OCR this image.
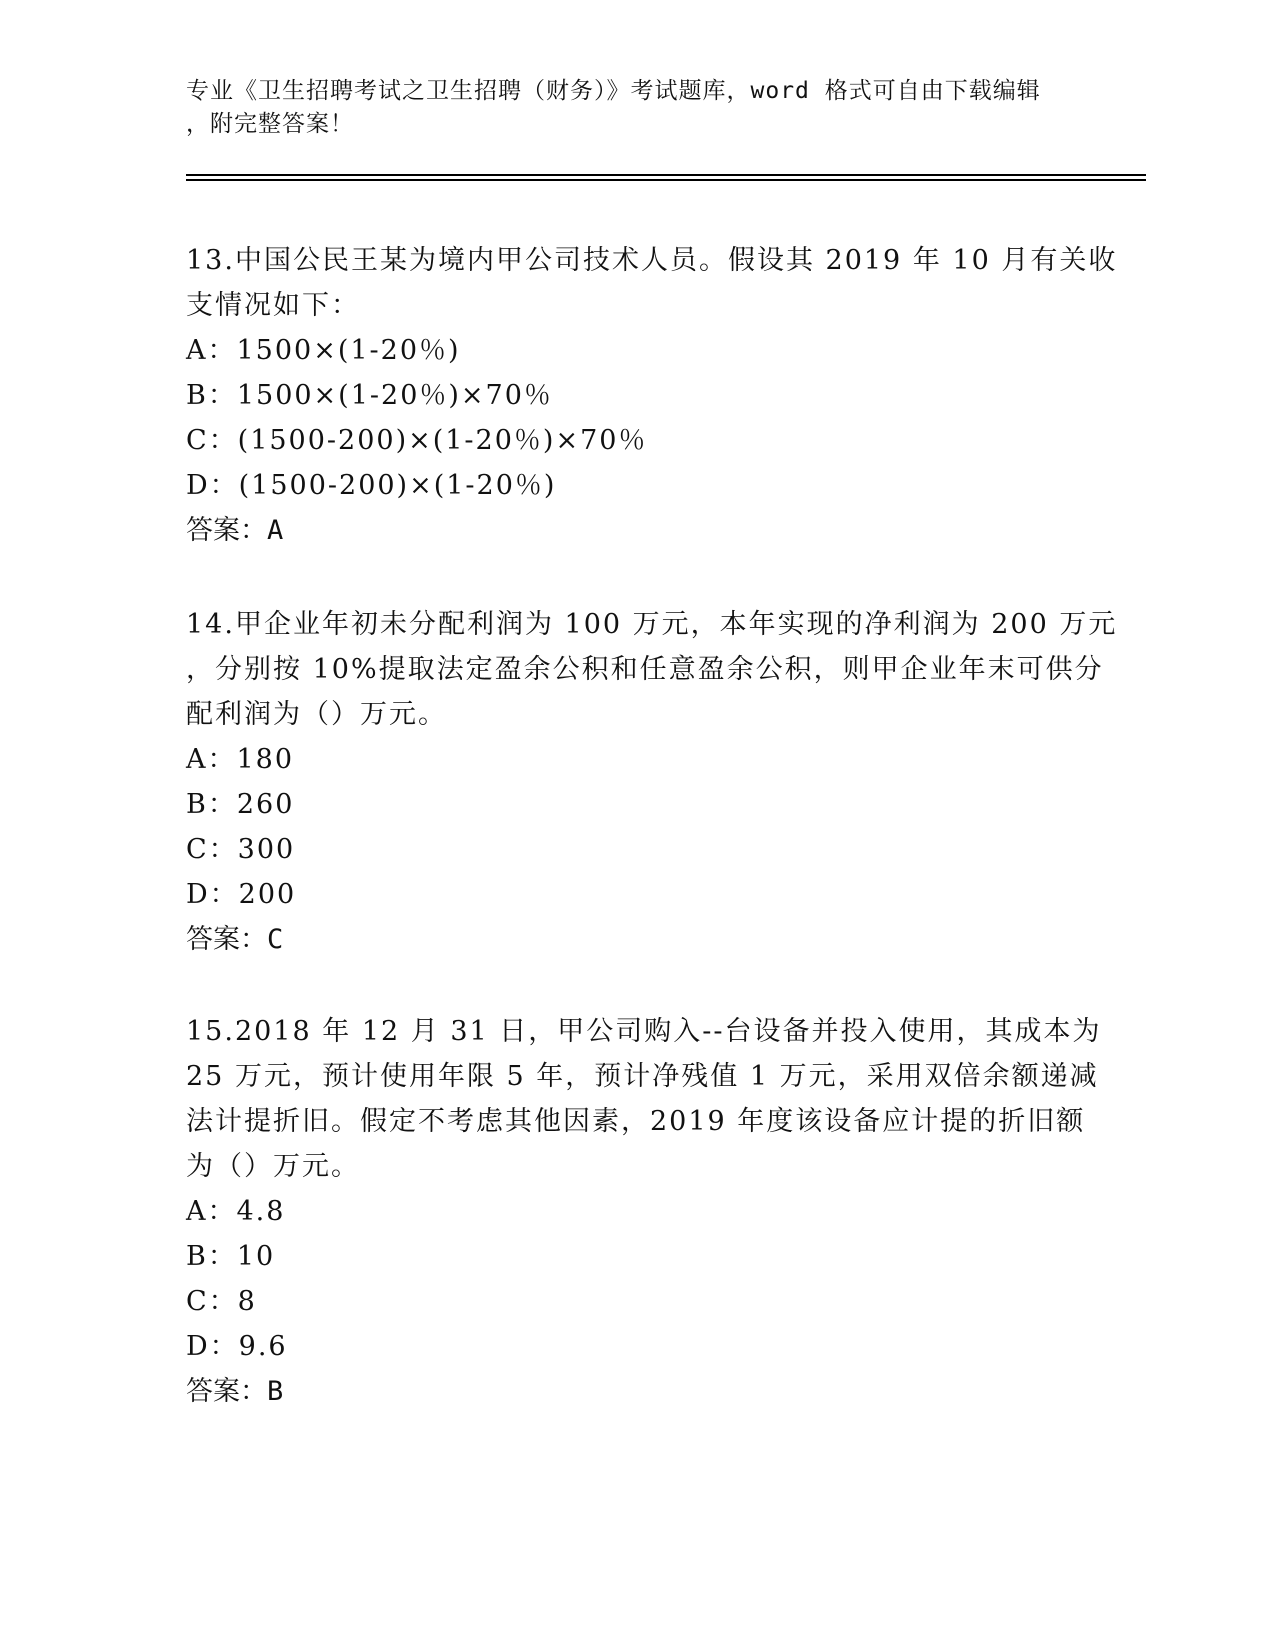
专业《卫生招聘考试之卫生招聘（财务）》考试题库，word 格式可自由下载编辑
，附完整答案！
13.中国公民王某为境内甲公司技术人员。假设其 2019 年 10 月有关收
支情况如下：
A：1500×(1-20％)
B：1500×(1-20％)×70％
C：(1500-200)×(1-20％)×70％
D：(1500-200)×(1-20％)
答案：A
14.甲企业年初未分配利润为 100 万元，本年实现的净利润为 200 万元
，分别按 10%提取法定盈余公积和任意盈余公积，则甲企业年末可供分
配利润为（）万元。
A：180
B：260
C：300
D：200
答案：C
15.2018 年 12 月 31 日，甲公司购入--台设备并投入使用，其成本为
25 万元，预计使用年限 5 年，预计净残值 1 万元，采用双倍余额递减
法计提折旧。假定不考虑其他因素，2019 年度该设备应计提的折旧额
为（）万元。
A：4.8
B：10
C：8
D：9.6
答案：B
